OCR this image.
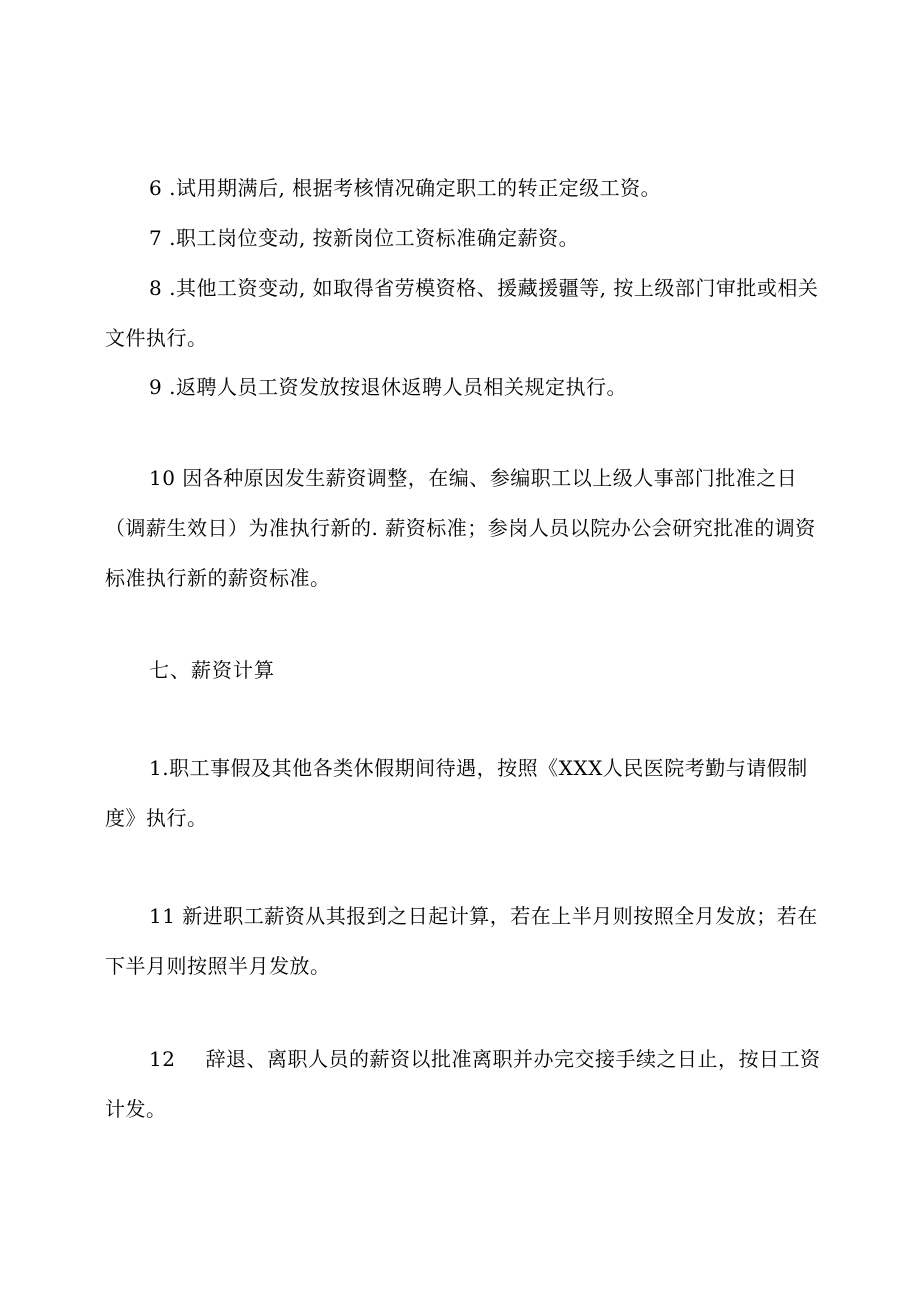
6 .试用期满后, 根据考核情况确定职工的转正定级工资。

7 .职工岗位变动, 按新岗位工资标准确定薪资。

8 .其他工资变动, 如取得省劳模资格、援藏援疆等, 按上级部门审批或相关文件执行。

9 .返聘人员工资发放按退休返聘人员相关规定执行。

10 因各种原因发生薪资调整，在编、参编职工以上级人事部门批准之日（调薪生效日）为准执行新的. 薪资标准；参岗人员以院办公会研究批准的调资标准执行新的薪资标准。

七、薪资计算

1.职工事假及其他各类休假期间待遇，按照《XXX人民医院考勤与请假制度》执行。

11 新进职工薪资从其报到之日起计算，若在上半月则按照全月发放；若在下半月则按照半月发放。

12 辞退、离职人员的薪资以批准离职并办完交接手续之日止，按日工资计发。
